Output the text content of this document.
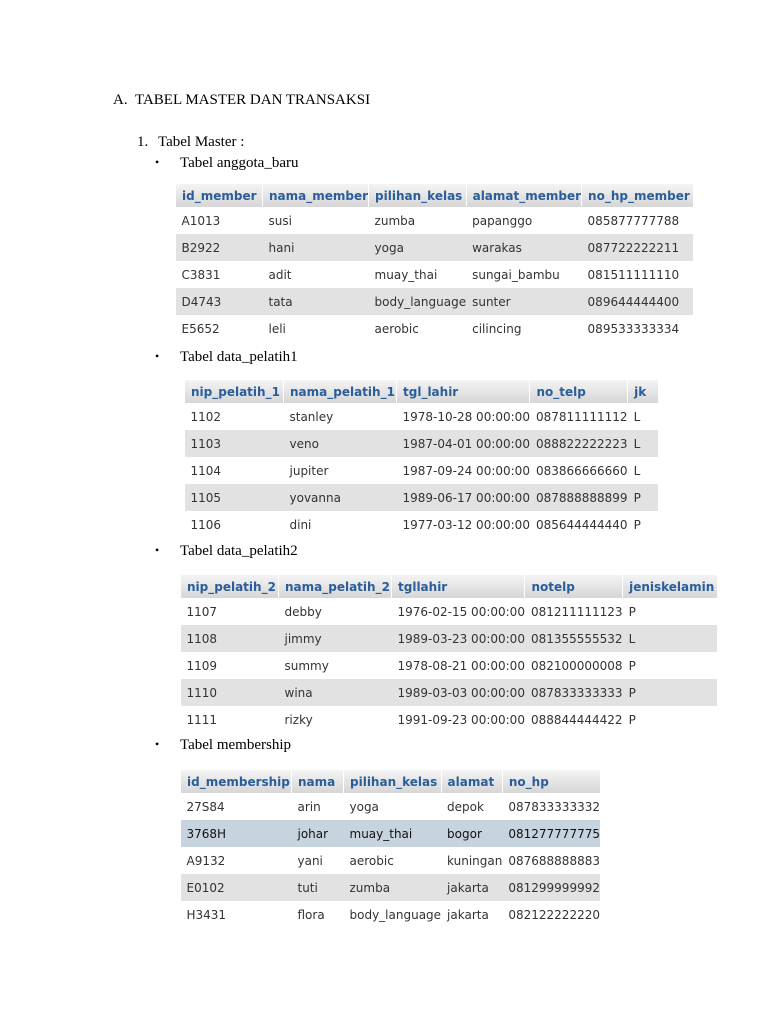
A. TABEL MASTER DAN TRANSAKSI
1. Tabel Master :
• Tabel anggota_baru
id_member	nama_member	pilihan_kelas	alamat_member	no_hp_member
A1013	susi	zumba	papanggo	085877777788
B2922	hani	yoga	warakas	087722222211
C3831	adit	muay_thai	sungai_bambu	081511111110
D4743	tata	body_language	sunter	089644444400
E5652	leli	aerobic	cilincing	089533333334
• Tabel data_pelatih1
nip_pelatih_1	nama_pelatih_1	tgl_lahir	no_telp	jk
1102	stanley	1978-10-28 00:00:00	087811111112	L
1103	veno	1987-04-01 00:00:00	088822222223	L
1104	jupiter	1987-09-24 00:00:00	083866666660	L
1105	yovanna	1989-06-17 00:00:00	087888888899	P
1106	dini	1977-03-12 00:00:00	085644444440	P
• Tabel data_pelatih2
nip_pelatih_2	nama_pelatih_2	tgllahir	notelp	jeniskelamin
1107	debby	1976-02-15 00:00:00	081211111123	P
1108	jimmy	1989-03-23 00:00:00	081355555532	L
1109	summy	1978-08-21 00:00:00	082100000008	P
1110	wina	1989-03-03 00:00:00	087833333333	P
1111	rizky	1991-09-23 00:00:00	088844444422	P
• Tabel membership
id_membership	nama	pilihan_kelas	alamat	no_hp
27S84	arin	yoga	depok	087833333332
3768H	johar	muay_thai	bogor	081277777775
A9132	yani	aerobic	kuningan	087688888883
E0102	tuti	zumba	jakarta	081299999992
H3431	flora	body_language	jakarta	082122222220
